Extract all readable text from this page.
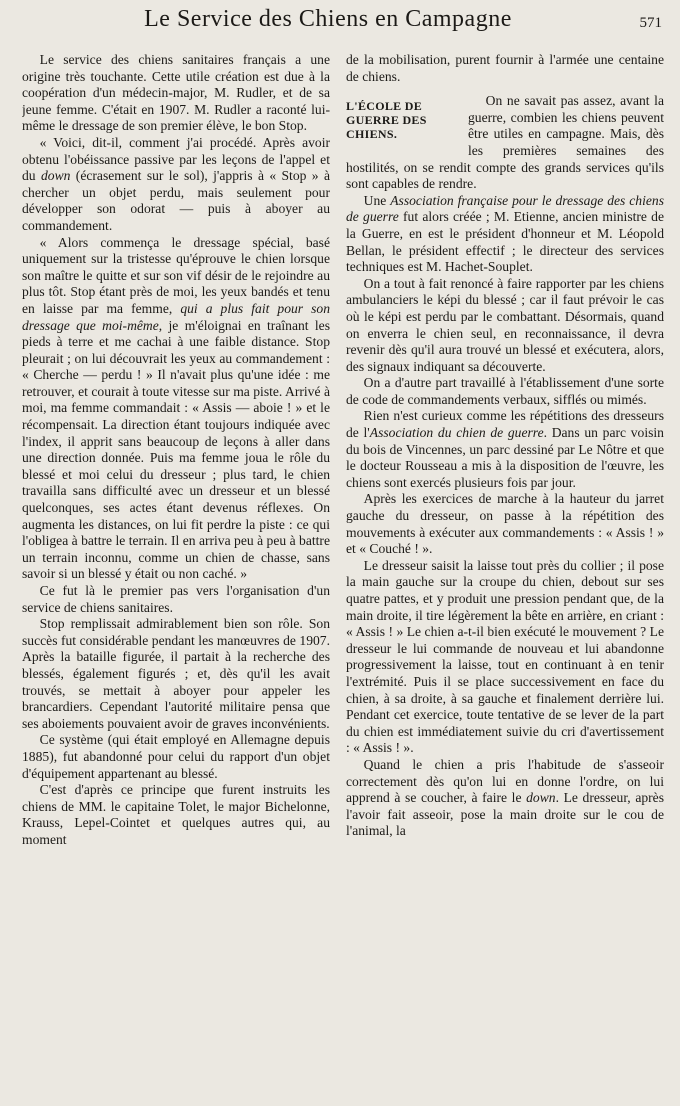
Le Service des Chiens en Campagne	571

Le service des chiens sanitaires français a une origine très touchante. Cette utile création est due à la coopération d'un médecin-major, M. Rudler, et de sa jeune femme. C'était en 1907. M. Rudler a raconté lui-même le dressage de son premier élève, le bon Stop.

« Voici, dit-il, comment j'ai procédé. Après avoir obtenu l'obéissance passive par les leçons de l'appel et du down (écrasement sur le sol), j'appris à « Stop » à chercher un objet perdu, mais seulement pour développer son odorat — puis à aboyer au commandement.

« Alors commença le dressage spécial, basé uniquement sur la tristesse qu'éprouve le chien lorsque son maître le quitte et sur son vif désir de le rejoindre au plus tôt. Stop étant près de moi, les yeux bandés et tenu en laisse par ma femme, qui a plus fait pour son dressage que moi-même, je m'éloignai en traînant les pieds à terre et me cachai à une faible distance. Stop pleurait ; on lui découvrait les yeux au commandement : « Cherche — perdu ! » Il n'avait plus qu'une idée : me retrouver, et courait à toute vitesse sur ma piste. Arrivé à moi, ma femme commandait : « Assis — aboie ! » et le récompensait. La direction étant toujours indiquée avec l'index, il apprit sans beaucoup de leçons à aller dans une direction donnée. Puis ma femme joua le rôle du blessé et moi celui du dresseur ; plus tard, le chien travailla sans difficulté avec un dresseur et un blessé quelconques, ses actes étant devenus réflexes. On augmenta les distances, on lui fit perdre la piste : ce qui l'obligea à battre le terrain. Il en arriva peu à peu à battre un terrain inconnu, comme un chien de chasse, sans savoir si un blessé y était ou non caché. »

Ce fut là le premier pas vers l'organisation d'un service de chiens sanitaires.

Stop remplissait admirablement bien son rôle. Son succès fut considérable pendant les manœuvres de 1907. Après la bataille figurée, il partait à la recherche des blessés, également figurés ; et, dès qu'il les avait trouvés, se mettait à aboyer pour appeler les brancardiers. Cependant l'autorité militaire pensa que ses aboiements pouvaient avoir de graves inconvénients.

Ce système (qui était employé en Allemagne depuis 1885), fut abandonné pour celui du rapport d'un objet d'équipement appartenant au blessé.

C'est d'après ce principe que furent instruits les chiens de MM. le capitaine Tolet, le major Bichelonne, Krauss, Lepel-Cointet et quelques autres qui, au moment

de la mobilisation, purent fournir à l'armée une centaine de chiens.

L'ÉCOLE DE GUERRE DES CHIENS.

On ne savait pas assez, avant la guerre, combien les chiens peuvent être utiles en campagne. Mais, dès les premières semaines des hostilités, on se rendit compte des grands services qu'ils sont capables de rendre.

Une Association française pour le dressage des chiens de guerre fut alors créée ; M. Etienne, ancien ministre de la Guerre, en est le président d'honneur et M. Léopold Bellan, le président effectif ; le directeur des services techniques est M. Hachet-Souplet.

On a tout à fait renoncé à faire rapporter par les chiens ambulanciers le képi du blessé ; car il faut prévoir le cas où le képi est perdu par le combattant. Désormais, quand on enverra le chien seul, en reconnaissance, il devra revenir dès qu'il aura trouvé un blessé et exécutera, alors, des signaux indiquant sa découverte.

On a d'autre part travaillé à l'établissement d'une sorte de code de commandements verbaux, sifflés ou mimés.

Rien n'est curieux comme les répétitions des dresseurs de l'Association du chien de guerre. Dans un parc voisin du bois de Vincennes, un parc dessiné par Le Nôtre et que le docteur Rousseau a mis à la disposition de l'œuvre, les chiens sont exercés plusieurs fois par jour.

Après les exercices de marche à la hauteur du jarret gauche du dresseur, on passe à la répétition des mouvements à exécuter aux commandements : « Assis ! » et « Couché ! ».

Le dresseur saisit la laisse tout près du collier ; il pose la main gauche sur la croupe du chien, debout sur ses quatre pattes, et y produit une pression pendant que, de la main droite, il tire légèrement la bête en arrière, en criant : « Assis ! » Le chien a-t-il bien exécuté le mouvement ? Le dresseur le lui commande de nouveau et lui abandonne progressivement la laisse, tout en continuant à en tenir l'extrémité. Puis il se place successivement en face du chien, à sa droite, à sa gauche et finalement derrière lui. Pendant cet exercice, toute tentative de se lever de la part du chien est immédiatement suivie du cri d'avertissement : « Assis ! ».

Quand le chien a pris l'habitude de s'asseoir correctement dès qu'on lui en donne l'ordre, on lui apprend à se coucher, à faire le down. Le dresseur, après l'avoir fait asseoir, pose la main droite sur le cou de l'animal, la
